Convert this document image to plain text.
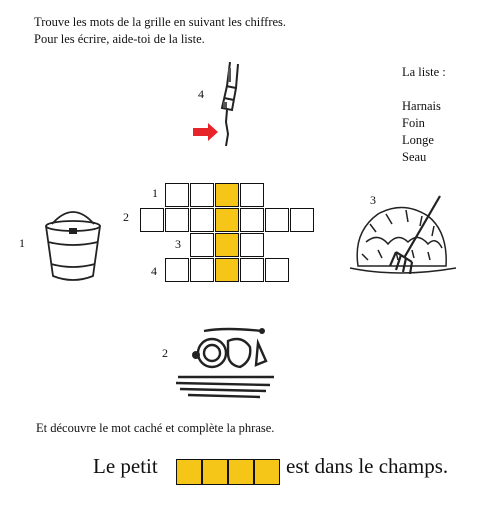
Trouve les mots de la grille en suivant les chiffres.
Pour les écrire, aide-toi de la liste.
La liste :
Harnais
Foin
Longe
Seau
4
1
3
2
1
2
3
4
Et découvre le mot caché et complète la phrase.
Le petit	est dans le champs.
